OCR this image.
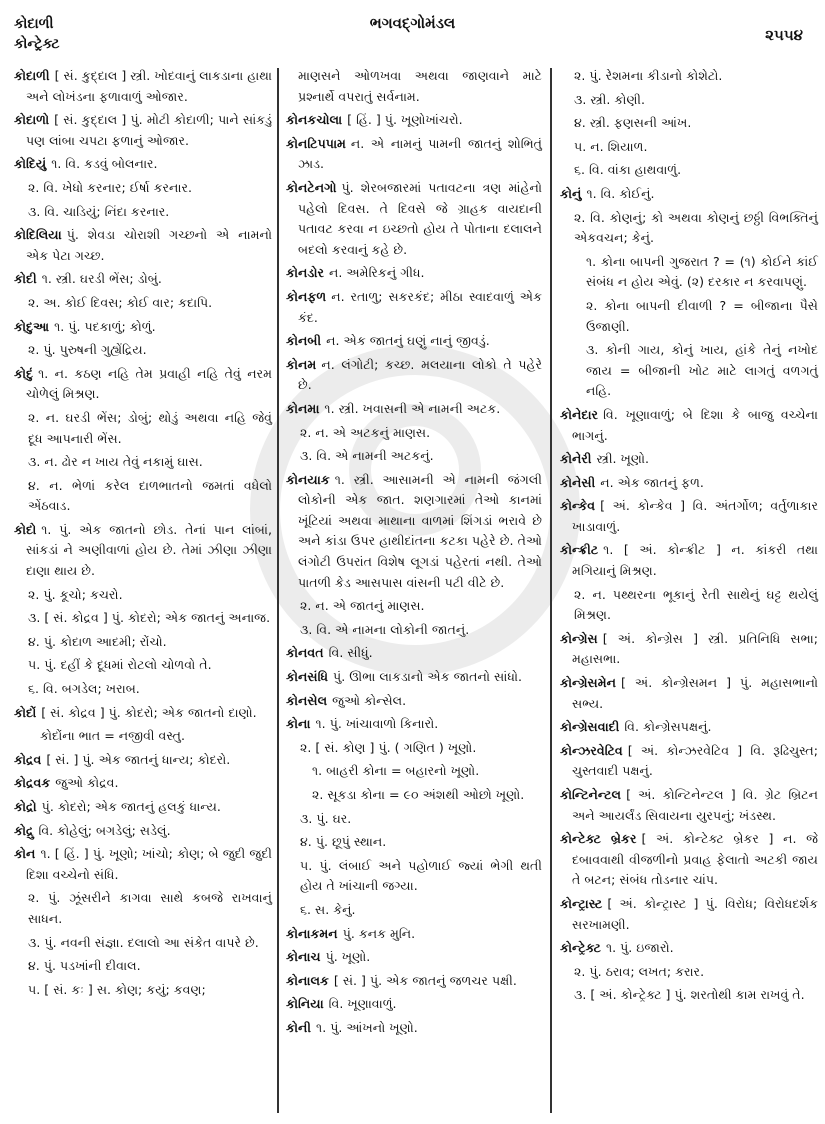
કોદાળી
કોન્ટ્રેક્ટ
ભગવદ્ગોમંડલ
૨૫૫૪
કોદાળી [ સં. કુદ્દાલ ] સ્ત્રી. ખોદવાનું લાકડાના હાથા અને લોખંડના ફળાવાળું ઓજાર.
કોદાળો [ સં. કુદ્દાલ ] પું. મોટી કોદાળી; પાને સાંકડું પણ લાંબા ચપટા ફળાનું ઓજાર.
કોદિયું ૧. વિ. કડવું બોલનાર.
૨. વિ. ખેધો કરનાર; ઈર્ષા કરનાર.
૩. વિ. ચાડિયું; નિંદા કરનાર.
કોદિલિયા પું. શેવડા ચોરાશી ગચ્છનો એ નામનો એક પેટા ગચ્છ.
કોદી ૧. સ્ત્રી. ઘરડી ભેંસ; ડોબું.
૨. અ. કોઈ દિવસ; કોઈ વાર; કદાપિ.
કોદુઆ ૧. પું. પદકાળું; કોળું.
૨. પું. પુરુષની ગુહ્યેંદ્રિય.
કોદું ૧. ન. કઠણ નહિ તેમ પ્રવાહી નહિ તેવું નરમ ચોળેલું મિશ્રણ.
૨. ન. ઘરડી ભેંસ; ડોબું; થોડું અથવા નહિ જેવું દૂધ આપનારી ભેંસ.
૩. ન. ઢોર ન ખાય તેવું નકામું ઘાસ.
૪. ન. ભેળાં કરેલ દાળભાતનો જમતાં વધેલો એંઠવાડ.
કોદો ૧. પું. એક જાતનો છોડ. તેનાં પાન લાંબાં, સાંકડાં ને અણીવાળાં હોય છે. તેમાં ઝીણા ઝીણા દાણા થાય છે.
૨. પું. કૂચો; કચરો.
૩. [ સં. કોદ્રવ ] પું. કોદરો; એક જાતનું અનાજ.
૪. પું. કોદાળ આદમી; રોંચો.
૫. પું. દહીં કે દૂધમાં રોટલો ચોળવો તે.
૬. વિ. બગડેલ; ખરાબ.
કોદોં [ સં. કોદ્રવ ] પું. કોદરો; એક જાતનો દાણો.
કોદોંના ભાત = નજીવી વસ્તુ.
કોદ્રવ [ સં. ] પું. એક જાતનું ધાન્ય; કોદરો.
કોદ્રવક જુઓ કોદ્રવ.
કોદ્રો પું. કોદરો; એક જાતનું હલકું ધાન્ય.
કોદ્રુ વિ. કોહેલું; બગડેલું; સડેલું.
કોન ૧. [ હિં. ] પું. ખૂણો; ખાંચો; કોણ; બે જુદી જુદી દિશા વચ્ચેનો સંધિ.
૨. પું. ઝૂંસરીને કાગવા સાથે કબજે રાખવાનું સાધન.
૩. પું. નવની સંજ્ઞા. દલાલો આ સંકેત વાપરે છે.
૪. પું. પડખાંની દીવાલ.
૫. [ સં. કઃ ] સ. કોણ; કયું; કવણ;
માણસને ઓળખવા અથવા જાણવાને માટે પ્રશ્નાર્થે વપરાતું સર્વનામ.
કોનકચોલા [ હિં. ] પું. ખૂણોખાંચરો.
કોનટિપપામ ન. એ નામનું પામની જાતનું શોભિતું ઝાડ.
કોનટેનગો પું. શેરબજારમાં પતાવટના ત્રણ માંહેનો પહેલો દિવસ. તે દિવસે જે ગ્રાહક વાયદાની પતાવટ કરવા ન ઇચ્છતો હોય તે પોતાના દલાલને બદલો કરવાનું કહે છે.
કોનડોર ન. અમેરિકનું ગીધ.
કોનફળ ન. રતાળુ; સકરકંદ; મીઠા સ્વાદવાળું એક કંદ.
કોનબી ન. એક જાતનું ઘણું નાનું જીવડું.
કોનમ ન. લંગોટી; કચ્છ. મલયાના લોકો તે પહેરે છે.
કોનમા ૧. સ્ત્રી. ખવાસની એ નામની અટક.
૨. ન. એ અટકનું માણસ.
૩. વિ. એ નામની અટકનું.
કોનયાક ૧. સ્ત્રી. આસામની એ નામની જંગલી લોકોની એક જાત. શણગારમાં તેઓ કાનમાં ખૂંટિયાં અથવા માથાના વાળમાં શિંગડાં ભરાવે છે અને કાંડા ઉપર હાથીદાંતના કટકા પહેરે છે. તેઓ લંગોટી ઉપરાંત વિશેષ લૂગડાં પહેરતાં નથી. તેઓ પાતળી કેડ આસપાસ વાંસની પટી વીટે છે.
૨. ન. એ જાતનું માણસ.
૩. વિ. એ નામના લોકોની જાતનું.
કોનવત વિ. સીધું.
કોનસંધિ પું. ઊભા લાકડાનો એક જાતનો સાંધો.
કોનસેલ જુઓ કોન્સેલ.
કોના ૧. પું. ખાંચાવાળો કિનારો.
૨. [ સં. કોણ ] પું. ( ગણિત ) ખૂણો.
૧. બાહરી કોના = બહારનો ખૂણો.
૨. સૂકડા કોના = ૯૦ અંશથી ઓછો ખૂણો.
૩. પું. ઘર.
૪. પું. છૂપું સ્થાન.
૫. પું. લંબાઈ અને પહોળાઈ જ્યાં ભેગી થતી હોય તે ખાંચાની જગ્યા.
૬. સ. કેનું.
કોનાકમન પું. કનક મુનિ.
કોનાચ પું. ખૂણો.
કોનાલક [ સં. ] પું. એક જાતનું જળચર પક્ષી.
કોનિયા વિ. ખૂણાવાળું.
કોની ૧. પું. આંખનો ખૂણો.
૨. પું. રેશમના કીડાનો કોશેટો.
૩. સ્ત્રી. કોણી.
૪. સ્ત્રી. ફણસની આંખ.
૫. ન. શિયાળ.
૬. વિ. વાંકા હાથવાળું.
કોનું ૧. વિ. કોઈનું.
૨. વિ. કોણનું; કો અથવા કોણનું છઠ્ઠી વિભક્તિનું એકવચન; કેનું.
૧. કોના બાપની ગુજરાત ? = (૧) કોઈને કાંઈ સંબંધ ન હોય એવું. (૨) દરકાર ન કરવાપણું.
૨. કોના બાપની દીવાળી ? = બીજાના પૈસે ઉજાણી.
૩. કોની ગાય, કોનું ખાય, હાંકે તેનું નખોદ જાય = બીજાની ખોટ માટે લાગતું વળગતું નહિ.
કોનેદાર વિ. ખૂણાવાળું; બે દિશા કે બાજુ વચ્ચેના ભાગનું.
કોનેરી સ્ત્રી. ખૂણો.
કોનેસી ન. એક જાતનું ફળ.
કોન્કેવ [ અં. કોન્કેવ ] વિ. અંતર્ગોળ; વર્તુળાકાર ખાડાવાળું.
કોન્ક્રીટ ૧. [ અં. કોન્ક્રીટ ] ન. કાંકરી તથા મગિયાનું મિશ્રણ.
૨. ન. પથ્થરના ભૂકાનું રેતી સાથેનું ઘટ્ટ થયેલું મિશ્રણ.
કોન્ગ્રેસ [ અં. કોન્ગ્રેસ ] સ્ત્રી. પ્રતિનિધિ સભા; મહાસભા.
કોન્ગ્રેસમેન [ અં. કોન્ગ્રેસમન ] પું. મહાસભાનો સભ્ય.
કોન્ગ્રેસવાદી વિ. કોન્ગ્રેસપક્ષનું.
કોન્ઝરવેટિવ [ અં. કોન્ઝરવેટિવ ] વિ. રૂઢિચુસ્ત; ચુસ્તવાદી પક્ષનું.
કોન્ટિનેન્ટલ [ અં. કોન્ટિનેન્ટલ ] વિ. ગ્રેટ બ્રિટન અને આયર્લંડ સિવાયના યુરપનું; ખંડસ્થ.
કોન્ટેક્ટ બ્રેકર [ અં. કોન્ટેક્ટ બ્રેકર ] ન. જે દબાવવાથી વીજળીનો પ્રવાહ ફેલાતો અટકી જાય તે બટન; સંબંધ તોડનાર ચાંપ.
કોન્ટ્રાસ્ટ [ અં. કોન્ટ્રાસ્ટ ] પું. વિરોધ; વિરોધદર્શક સરખામણી.
કોન્ટ્રેક્ટ ૧. પું. ઇજારો.
૨. પું. ઠરાવ; લખત; કરાર.
૩. [ અં. કોન્ટ્રેક્ટ ] પું. શરતોથી કામ રાખવું તે.
